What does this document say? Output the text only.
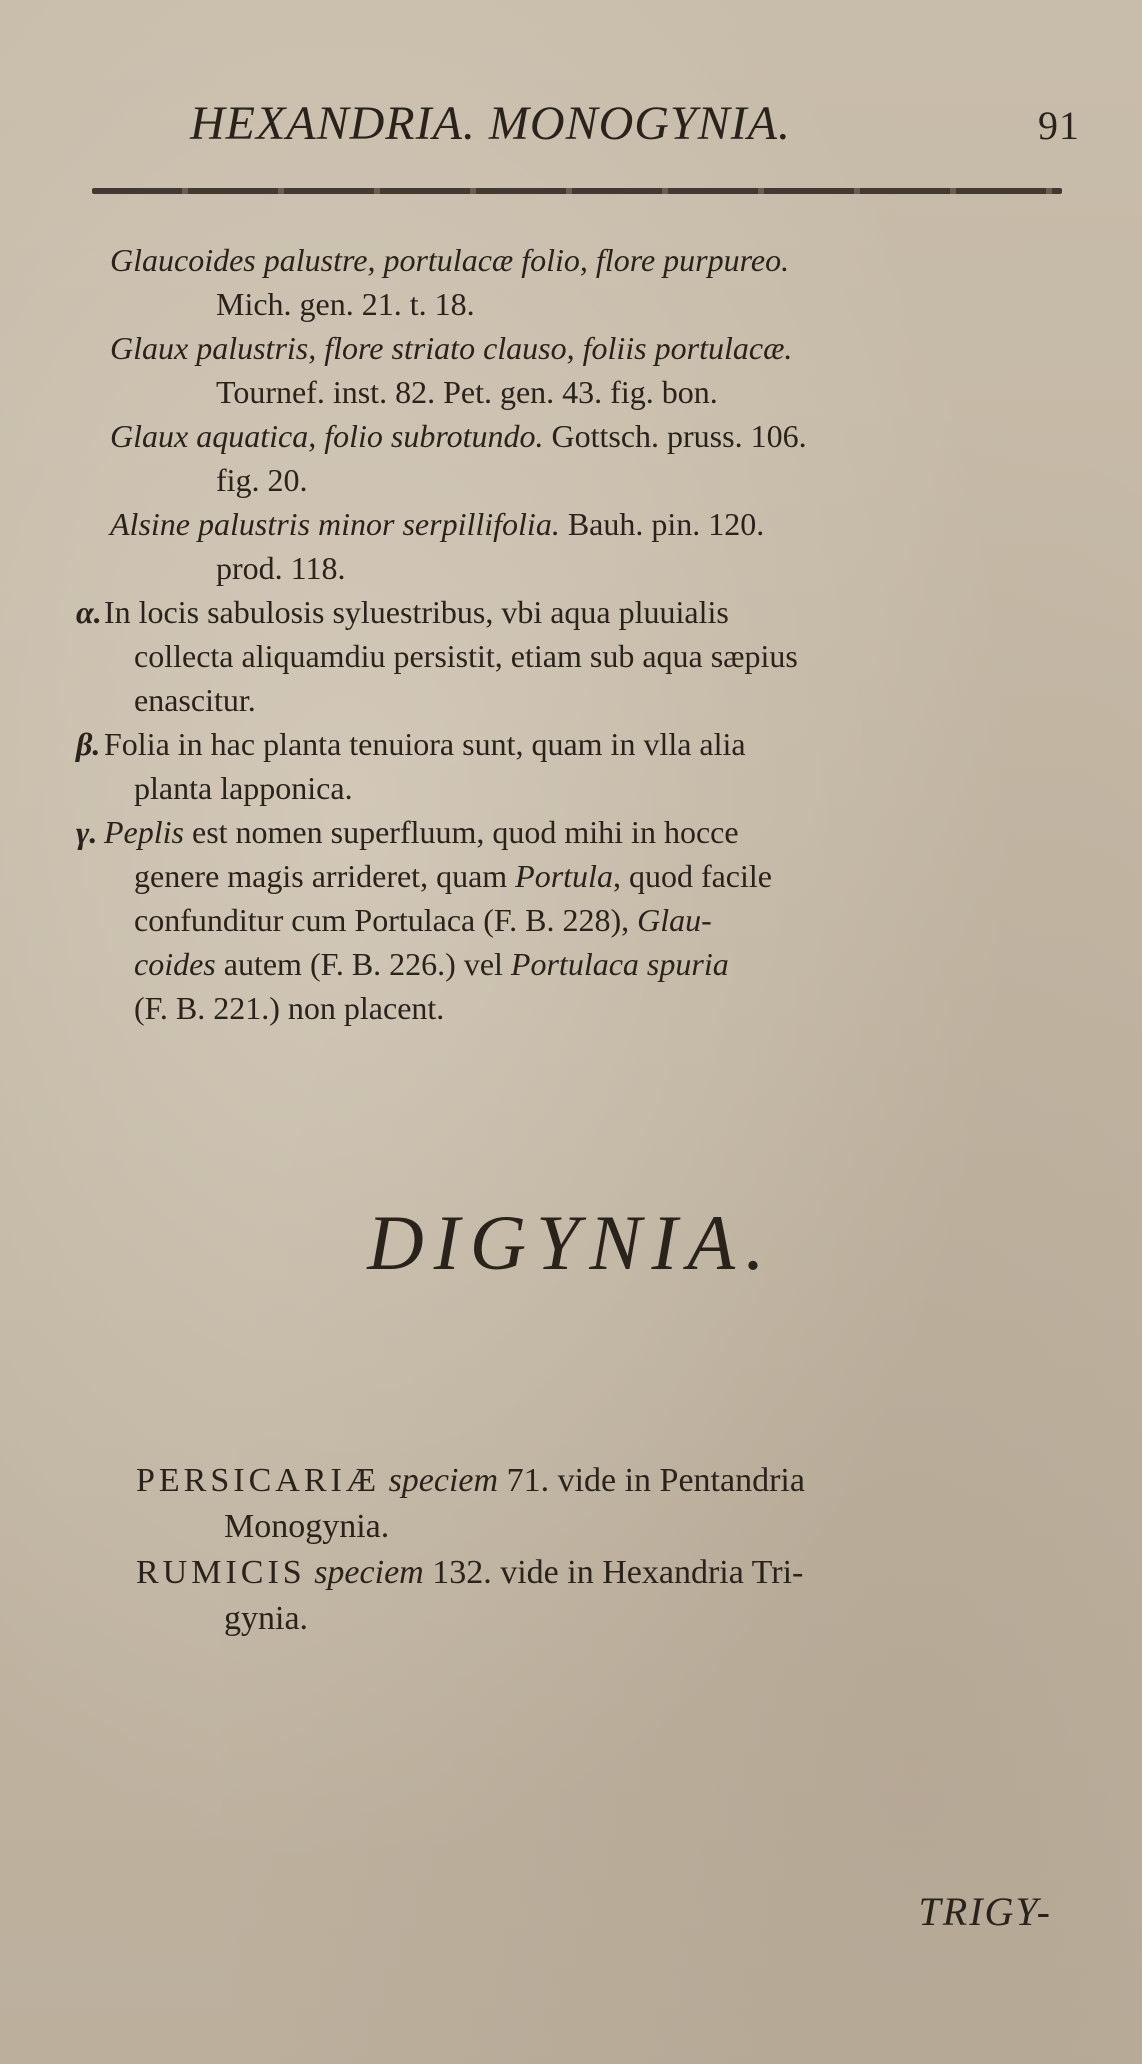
HEXANDRIA. MONOGYNIA.	91

Glaucoides palustre, portulacæ folio, flore purpureo.
Mich. gen. 21. t. 18.

Glaux palustris, flore striato clauso, foliis portulacæ.
Tournef. inst. 82. Pet. gen. 43. fig. bon.

Glaux aquatica, folio subrotundo. Gottsch. pruss. 106.
fig. 20.

Alsine palustris minor serpillifolia. Bauh. pin. 120.
prod. 118.

α.In locis sabulosis syluestribus, vbi aqua pluuialis
collecta aliquamdiu persistit, etiam sub aqua sæpius
enascitur.

β. Folia in hac planta tenuiora sunt, quam in vlla alia
planta lapponica.

γ. Peplis est nomen superfluum, quod mihi in hocce
genere magis arrideret, quam Portula, quod facile
confunditur cum Portulaca (F. B. 228), Glau-
coides autem (F. B. 226.) vel Portulaca spuria
(F. B. 221.) non placent.

DIGYNIA.

PERSICARIÆ speciem 71. vide in Pentandria
Monogynia.

RUMICIS speciem 132. vide in Hexandria Tri-
gynia.

TRIGY-
